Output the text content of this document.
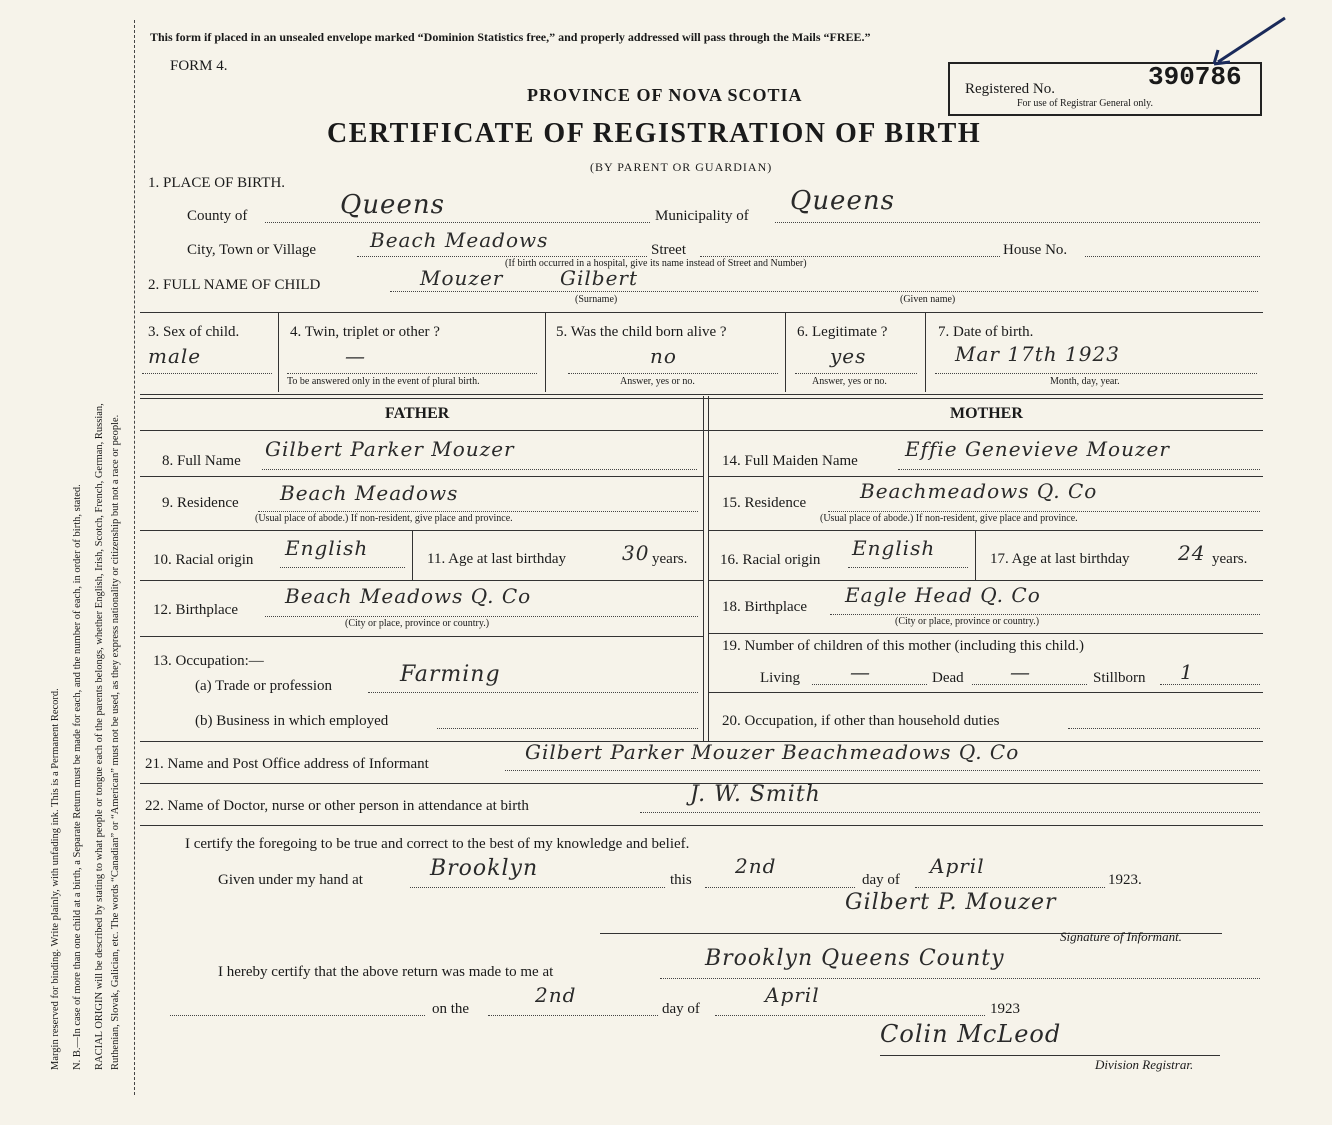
Margin reserved for binding. Write plainly, with unfading ink. This is a Permanent Record. N. B.—In case of more than one child at a birth, a Separate Return must be made for each, and the number of each, in order of birth, stated. RACIAL ORIGIN will be described by stating to what people or tongue each of the parents belongs, whether English, Irish, Scotch, French, German, Russian, Ruthenian, Slovak, Galician, etc. The words “Canadian” or “American” must not be used, as they express nationality or citizenship but not a race or people.
This form if placed in an unsealed envelope marked “Dominion Statistics free,” and properly addressed will pass through the Mails “FREE.”
FORM 4.
PROVINCE OF NOVA SCOTIA
CERTIFICATE OF REGISTRATION OF BIRTH
(BY PARENT OR GUARDIAN)
Registered No.	390786
For use of Registrar General only.
1. PLACE OF BIRTH.
County of	Queens	Municipality of Queens
City, Town or Village	Beach Meadows	Street	House No.
(If birth occurred in a hospital, give its name instead of Street and Number)
2. FULL NAME OF CHILD	Mouzer	Gilbert
(Surname)	(Given name)
3. Sex of child.
male
4. Twin, triplet or other ?
—
To be answered only in the event of plural birth.
5. Was the child born alive ?
no
Answer, yes or no.
6. Legitimate ?
yes
Answer, yes or no.
7. Date of birth.
Mar 17th 1923
Month, day, year.
FATHER	MOTHER
8. Full Name Gilbert Parker Mouzer
9. Residence Beach Meadows
(Usual place of abode.) If non-resident, give place and province.
10. Racial origin English	11. Age at last birthday	30 years.
12. Birthplace
Beach Meadows Q. Co
(City or place, province or country.)
13. Occupation:—
(a) Trade or profession	Farming
(b) Business in which employed
14. Full Maiden Name Effie Genevieve Mouzer
15. Residence	Beachmeadows Q. Co
(Usual place of abode.) If non-resident, give place and province.
16. Racial origin English	17. Age at last birthday 24 years.
18. Birthplace Eagle Head Q. Co
(City or place, province or country.)
19. Number of children of this mother (including this child.)
Living	—	Dead —	Stillborn 1
20. Occupation, if other than household duties
21. Name and Post Office address of Informant	Gilbert Parker Mouzer Beachmeadows Q. Co
22. Name of Doctor, nurse or other person in attendance at birth	J. W. Smith
I certify the foregoing to be true and correct to the best of my knowledge and belief.
Given under my hand at	Brooklyn	this
2nd
day of
April
1923.
Gilbert P. Mouzer
Signature of Informant.
I hereby certify that the above return was made to me at
Brooklyn Queens County
on the
2nd
day of
April
1923
Colin McLeod
Division Registrar.
